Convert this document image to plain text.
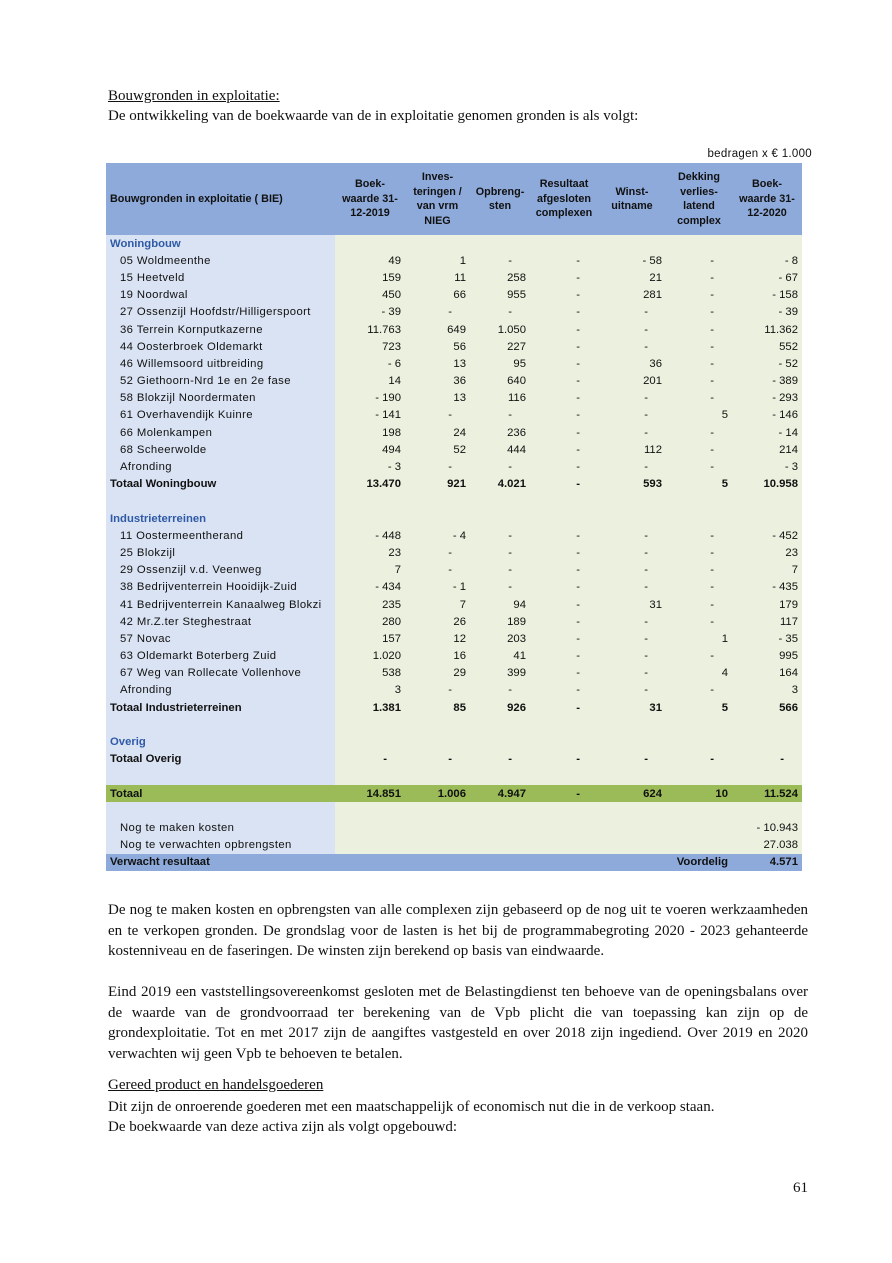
Bouwgronden in exploitatie:
De ontwikkeling van de boekwaarde van de in exploitatie genomen gronden is als volgt:
bedragen x € 1.000
Bouwgronden in exploitatie ( BIE)	Boek- waarde 31-12-2019	Inves- teringen / van vrm NIEG	Opbreng- sten	Resultaat afgesloten complexen	Winst- uitname	Dekking verlies- latend complex	Boek- waarde 31-12-2020
Woningbouw							
05 Woldmeenthe	49	1	-	-	- 58	-	- 8
15 Heetveld	159	11	258	-	21	-	- 67
19 Noordwal	450	66	955	-	281	-	- 158
27 Ossenzijl Hoofdstr/Hilligerspoort	- 39	-	-	-	-	-	- 39
36 Terrein Kornputkazerne	11.763	649	1.050	-	-	-	11.362
44 Oosterbroek Oldemarkt	723	56	227	-	-	-	552
46 Willemsoord uitbreiding	- 6	13	95	-	36	-	- 52
52 Giethoorn-Nrd 1e en 2e fase	14	36	640	-	201	-	- 389
58 Blokzijl Noordermaten	- 190	13	116	-	-	-	- 293
61 Overhavendijk Kuinre	- 141	-	-	-	-	5	- 146
66 Molenkampen	198	24	236	-	-	-	- 14
68 Scheerwolde	494	52	444	-	112	-	214
Afronding	- 3	-	-	-	-	-	- 3
Totaal Woningbouw	13.470	921	4.021	-	593	5	10.958

Industrieterreinen							
11 Oostermeentherand	- 448	- 4	-	-	-	-	- 452
25 Blokzijl	23	-	-	-	-	-	23
29 Ossenzijl v.d. Veenweg	7	-	-	-	-	-	7
38 Bedrijventerrein Hooidijk-Zuid	- 434	- 1	-	-	-	-	- 435
41 Bedrijventerrein Kanaalweg Blokzi	235	7	94	-	31	-	179
42 Mr.Z.ter Steghestraat	280	26	189	-	-	-	117
57 Novac	157	12	203	-	-	1	- 35
63 Oldemarkt Boterberg Zuid	1.020	16	41	-	-	-	995
67 Weg van Rollecate Vollenhove	538	29	399	-	-	4	164
Afronding	3	-	-	-	-	-	3
Totaal Industrieterreinen	1.381	85	926	-	31	5	566

Overig							
Totaal Overig	-	-	-	-	-	-	-

Totaal	14.851	1.006	4.947	-	624	10	11.524

Nog te maken kosten							- 10.943
Nog te verwachten opbrengsten							27.038
Verwacht resultaat					Voordelig		4.571
De nog te maken kosten en opbrengsten van alle complexen zijn gebaseerd op de nog uit te voeren werkzaamheden en te verkopen gronden. De grondslag voor de lasten is het bij de programmabegroting 2020 - 2023 gehanteerde kostenniveau en de faseringen. De winsten zijn berekend op basis van eindwaarde.
Eind 2019 een vaststellingsovereenkomst gesloten met de Belastingdienst ten behoeve van de openingsbalans over de waarde van de grondvoorraad ter berekening van de Vpb plicht die van toepassing kan zijn op de grondexploitatie. Tot en met 2017 zijn de aangiftes vastgesteld en over 2018 zijn ingediend. Over 2019 en 2020 verwachten wij geen Vpb te behoeven te betalen.
Gereed product en handelsgoederen
Dit zijn de onroerende goederen met een maatschappelijk of economisch nut die in de verkoop staan.
De boekwaarde van deze activa zijn als volgt opgebouwd:
61
